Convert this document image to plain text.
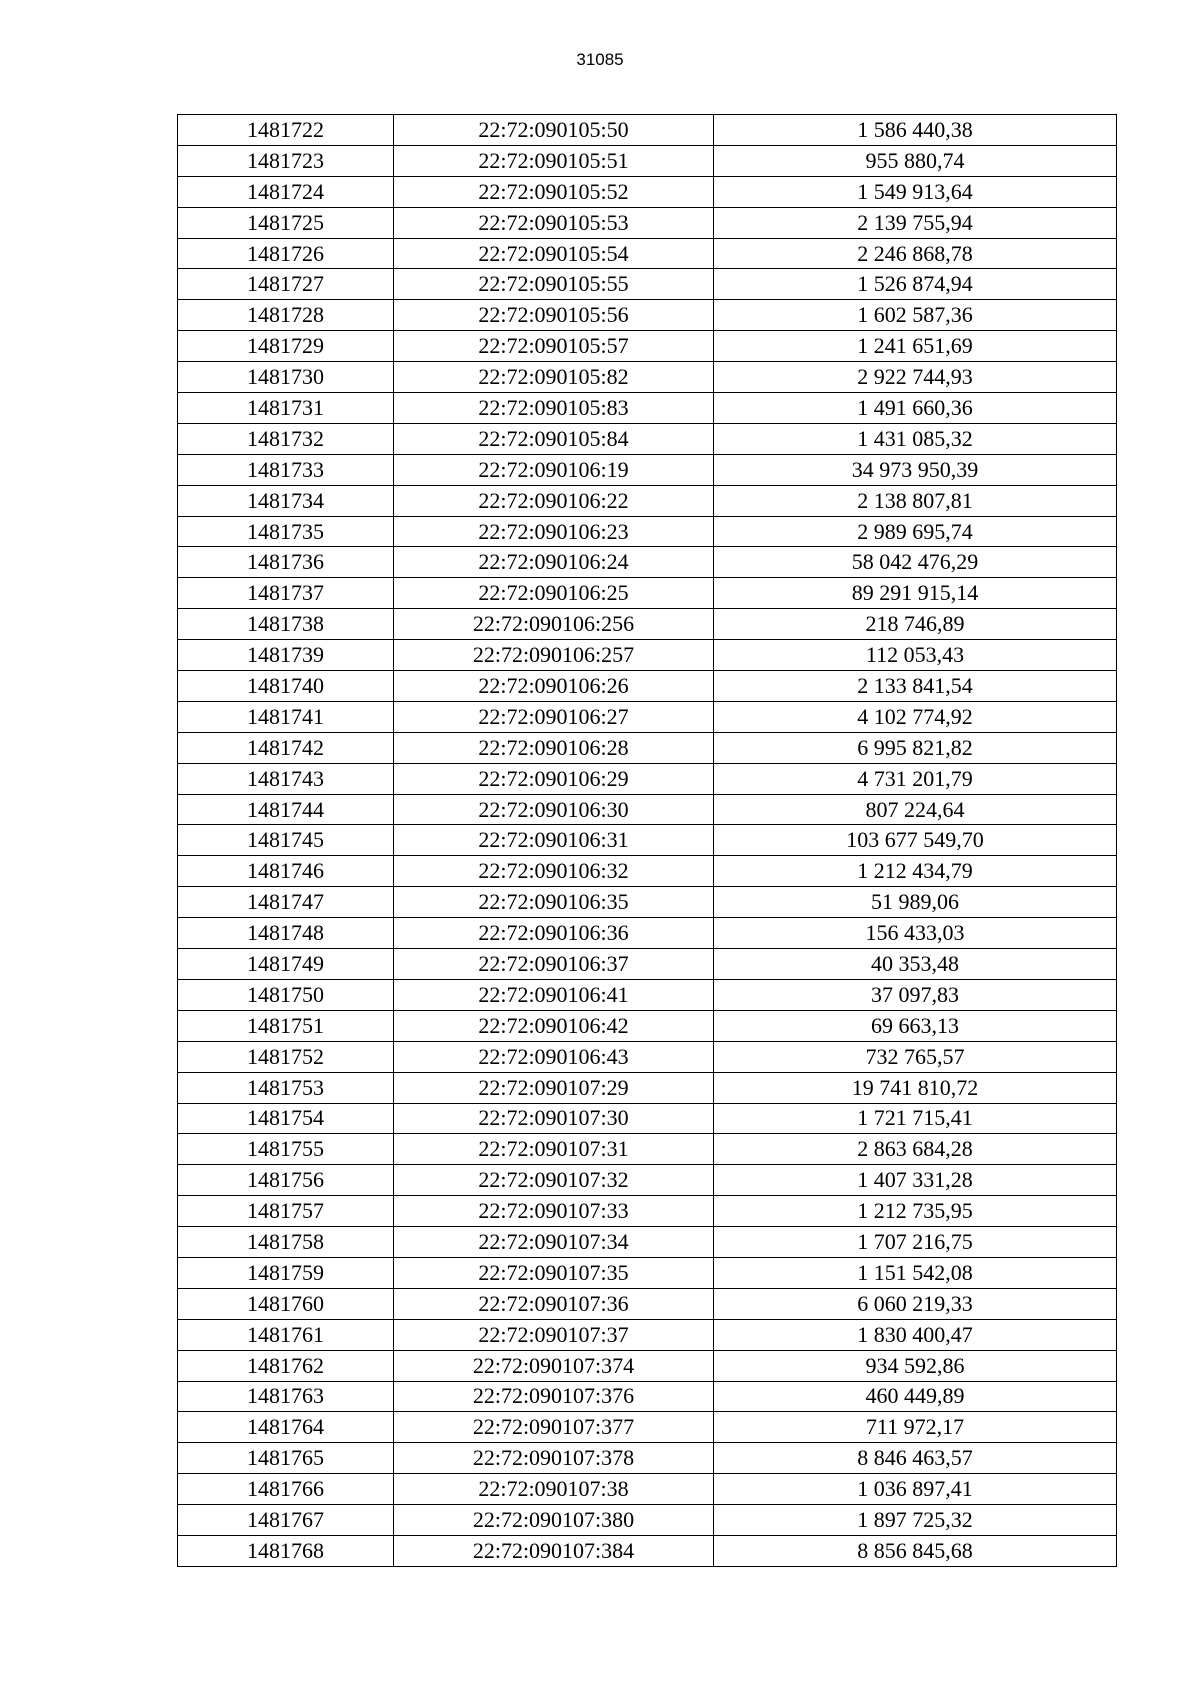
31085
1481722	22:72:090105:50	1 586 440,38
1481723	22:72:090105:51	955 880,74
1481724	22:72:090105:52	1 549 913,64
1481725	22:72:090105:53	2 139 755,94
1481726	22:72:090105:54	2 246 868,78
1481727	22:72:090105:55	1 526 874,94
1481728	22:72:090105:56	1 602 587,36
1481729	22:72:090105:57	1 241 651,69
1481730	22:72:090105:82	2 922 744,93
1481731	22:72:090105:83	1 491 660,36
1481732	22:72:090105:84	1 431 085,32
1481733	22:72:090106:19	34 973 950,39
1481734	22:72:090106:22	2 138 807,81
1481735	22:72:090106:23	2 989 695,74
1481736	22:72:090106:24	58 042 476,29
1481737	22:72:090106:25	89 291 915,14
1481738	22:72:090106:256	218 746,89
1481739	22:72:090106:257	112 053,43
1481740	22:72:090106:26	2 133 841,54
1481741	22:72:090106:27	4 102 774,92
1481742	22:72:090106:28	6 995 821,82
1481743	22:72:090106:29	4 731 201,79
1481744	22:72:090106:30	807 224,64
1481745	22:72:090106:31	103 677 549,70
1481746	22:72:090106:32	1 212 434,79
1481747	22:72:090106:35	51 989,06
1481748	22:72:090106:36	156 433,03
1481749	22:72:090106:37	40 353,48
1481750	22:72:090106:41	37 097,83
1481751	22:72:090106:42	69 663,13
1481752	22:72:090106:43	732 765,57
1481753	22:72:090107:29	19 741 810,72
1481754	22:72:090107:30	1 721 715,41
1481755	22:72:090107:31	2 863 684,28
1481756	22:72:090107:32	1 407 331,28
1481757	22:72:090107:33	1 212 735,95
1481758	22:72:090107:34	1 707 216,75
1481759	22:72:090107:35	1 151 542,08
1481760	22:72:090107:36	6 060 219,33
1481761	22:72:090107:37	1 830 400,47
1481762	22:72:090107:374	934 592,86
1481763	22:72:090107:376	460 449,89
1481764	22:72:090107:377	711 972,17
1481765	22:72:090107:378	8 846 463,57
1481766	22:72:090107:38	1 036 897,41
1481767	22:72:090107:380	1 897 725,32
1481768	22:72:090107:384	8 856 845,68
